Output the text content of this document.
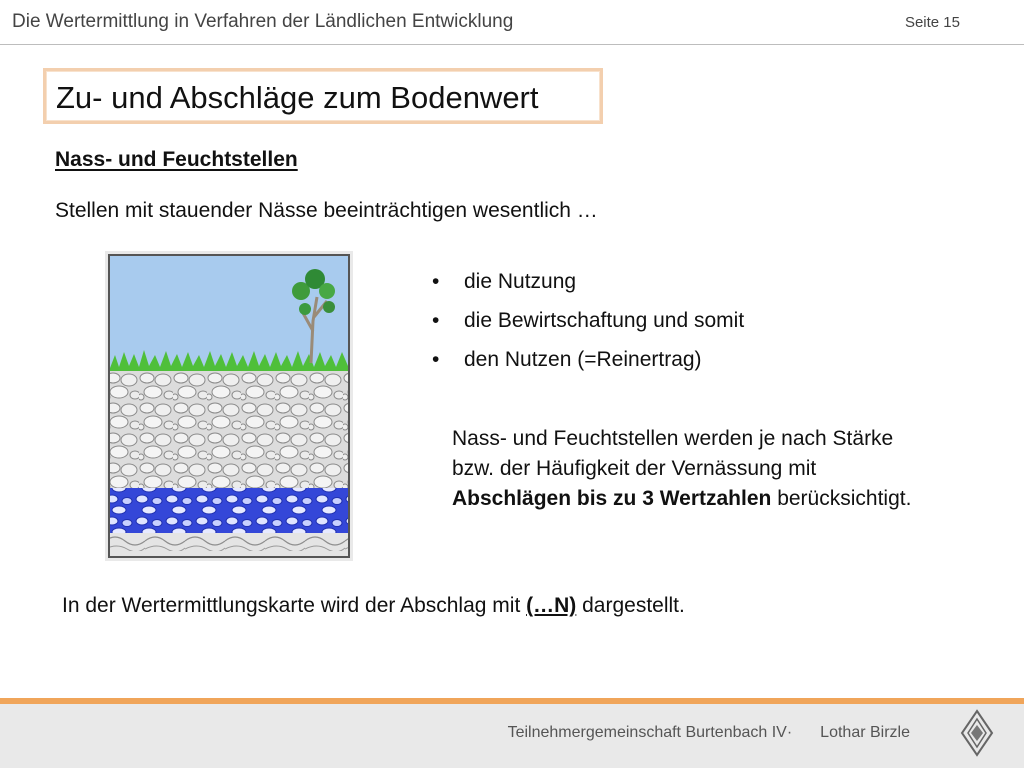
Die Wertermittlung in Verfahren der Ländlichen Entwicklung	Seite 15
Zu- und Abschläge zum Bodenwert
Nass- und Feuchtstellen
Stellen mit stauender Nässe beeinträchtigen wesentlich …
• die Nutzung
• die Bewirtschaftung und somit
• den Nutzen (=Reinertrag)
Nass- und Feuchtstellen werden je nach Stärke bzw. der Häufigkeit der Vernässung mit Abschlägen bis zu 3 Wertzahlen berücksichtigt.
In der Wertermittlungskarte wird der Abschlag mit (…N) dargestellt.
Teilnehmergemeinschaft Burtenbach IV· Lothar Birzle
